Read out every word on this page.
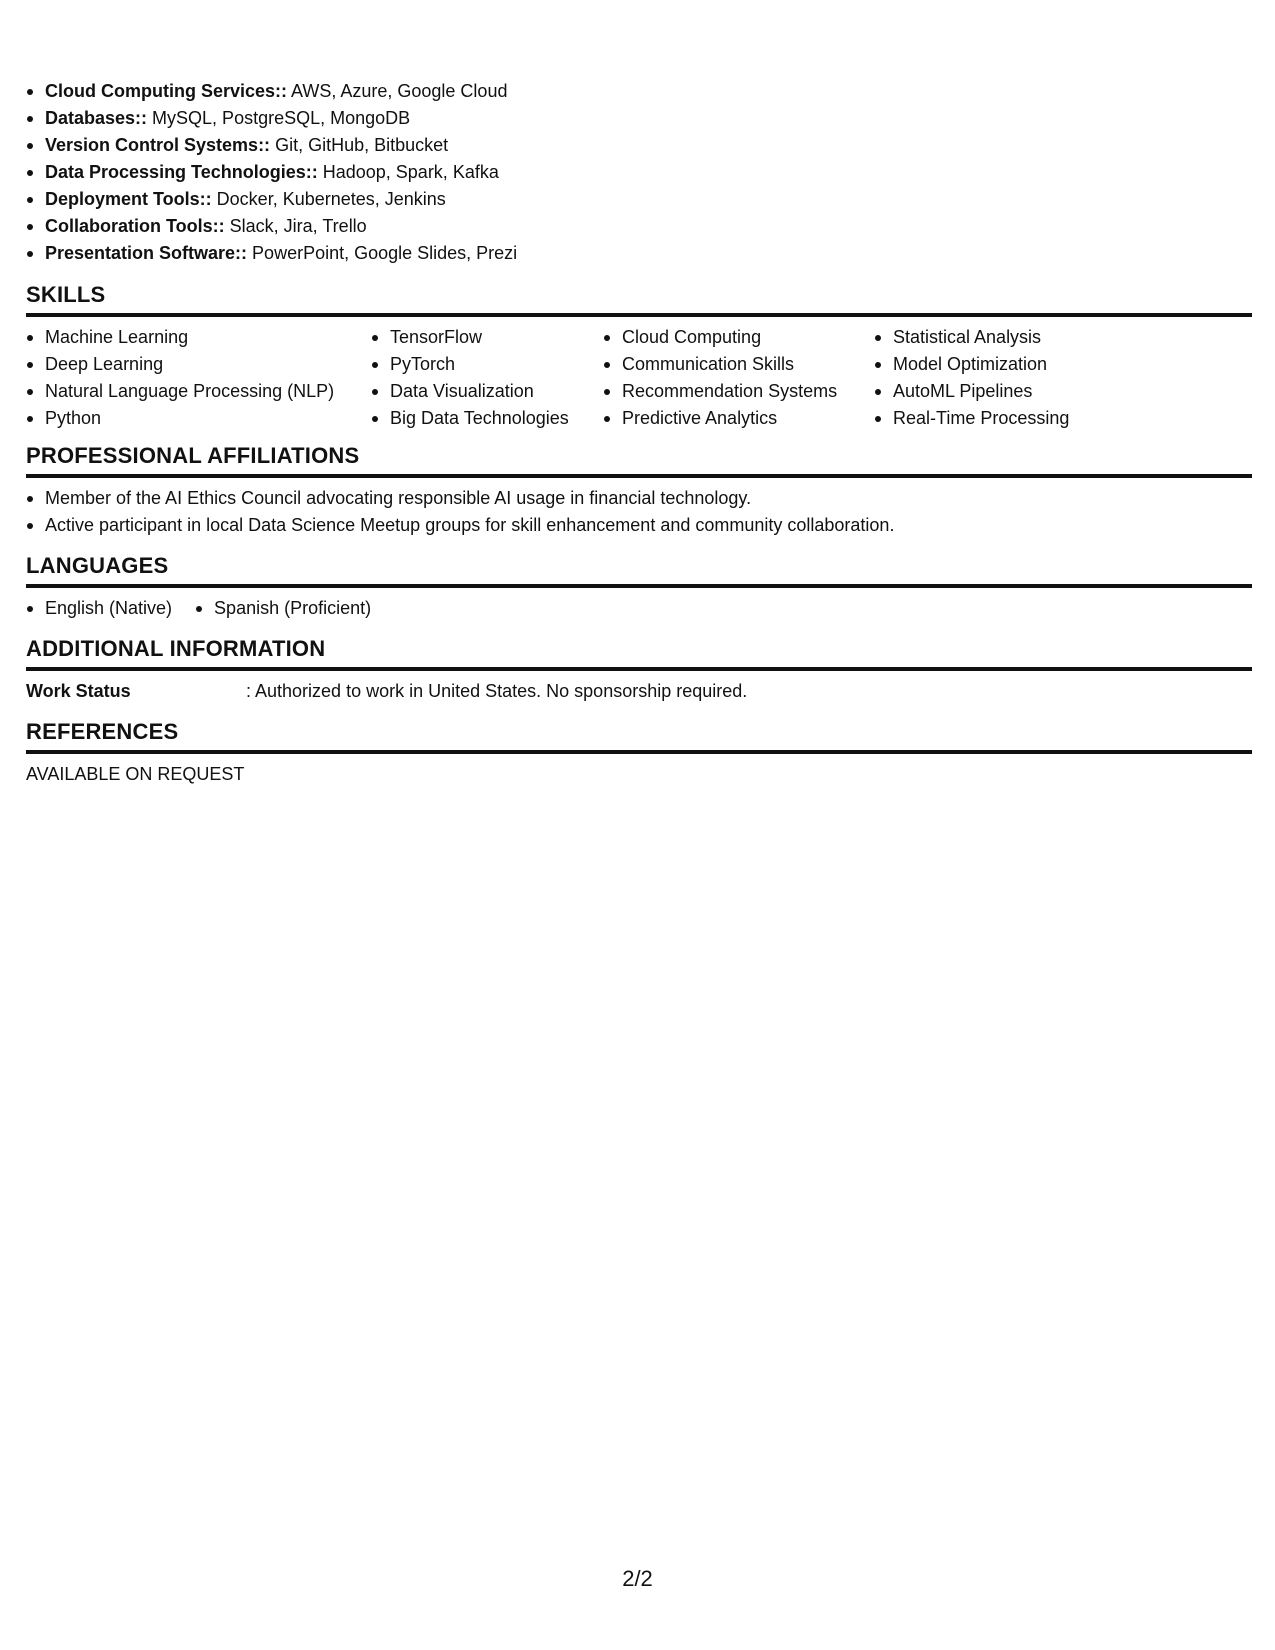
Cloud Computing Services:: AWS, Azure, Google Cloud
Databases:: MySQL, PostgreSQL, MongoDB
Version Control Systems:: Git, GitHub, Bitbucket
Data Processing Technologies:: Hadoop, Spark, Kafka
Deployment Tools:: Docker, Kubernetes, Jenkins
Collaboration Tools:: Slack, Jira, Trello
Presentation Software:: PowerPoint, Google Slides, Prezi
SKILLS
Machine Learning
Deep Learning
Natural Language Processing (NLP)
Python
TensorFlow
PyTorch
Data Visualization
Big Data Technologies
Cloud Computing
Communication Skills
Recommendation Systems
Predictive Analytics
Statistical Analysis
Model Optimization
AutoML Pipelines
Real-Time Processing
PROFESSIONAL AFFILIATIONS
Member of the AI Ethics Council advocating responsible AI usage in financial technology.
Active participant in local Data Science Meetup groups for skill enhancement and community collaboration.
LANGUAGES
English (Native)	Spanish (Proficient)
ADDITIONAL INFORMATION
Work Status	: Authorized to work in United States. No sponsorship required.
REFERENCES
AVAILABLE ON REQUEST
2/2
